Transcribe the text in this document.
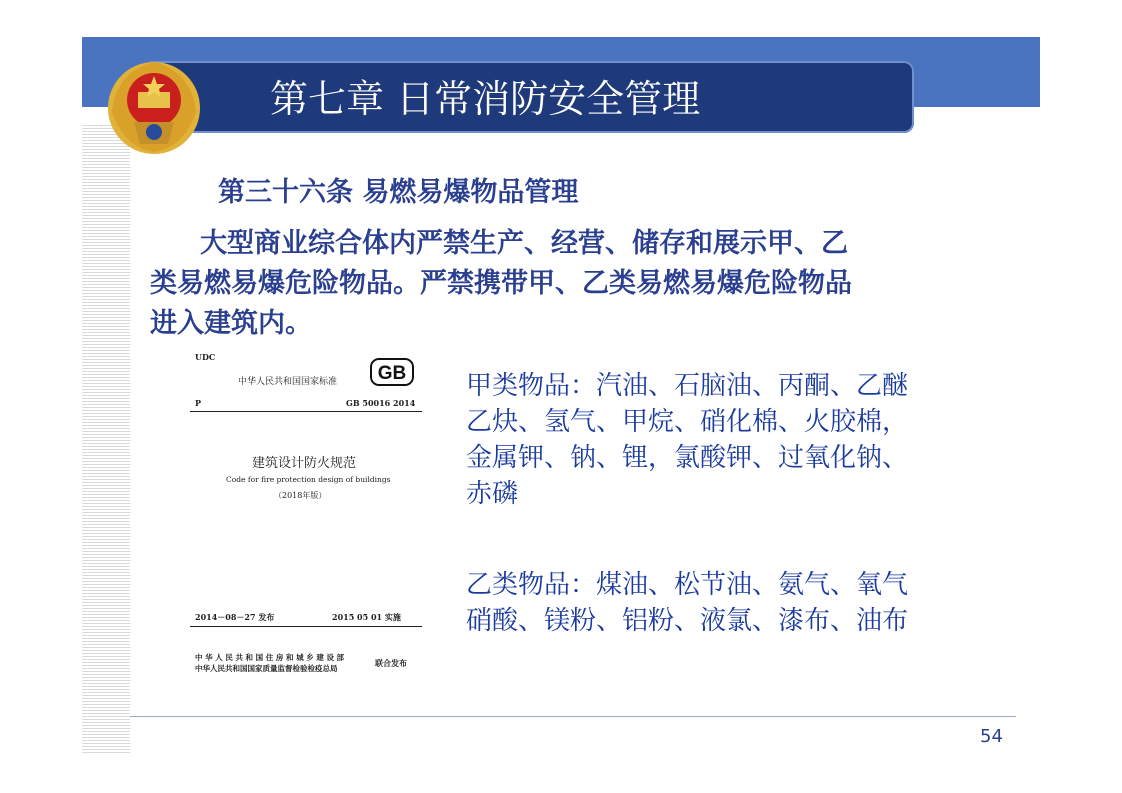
第七章 日常消防安全管理
第三十六条 易燃易爆物品管理
大型商业综合体内严禁生产、经营、储存和展示甲、乙
类易燃易爆危险物品。严禁携带甲、乙类易燃易爆危险物品
进入建筑内。
UDC
中华人民共和国国家标准 GB
P	GB 50016 2014
建筑设计防火规范
Code for fire protection design of buildings
（2018年版）
2014－08－27 发布	2015 05 01 实施
中 华 人 民 共 和 国 住 房 和 城 乡 建 设 部
中华人民共和国国家质量监督检验检疫总局
联合发布
甲类物品：汽油、石脑油、丙酮、乙醚
乙炔、氢气、甲烷、硝化棉、火胶棉，
金属钾、钠、锂，氯酸钾、过氧化钠、
赤磷
乙类物品：煤油、松节油、氨气、氧气
硝酸、镁粉、铝粉、液氯、漆布、油布
54
